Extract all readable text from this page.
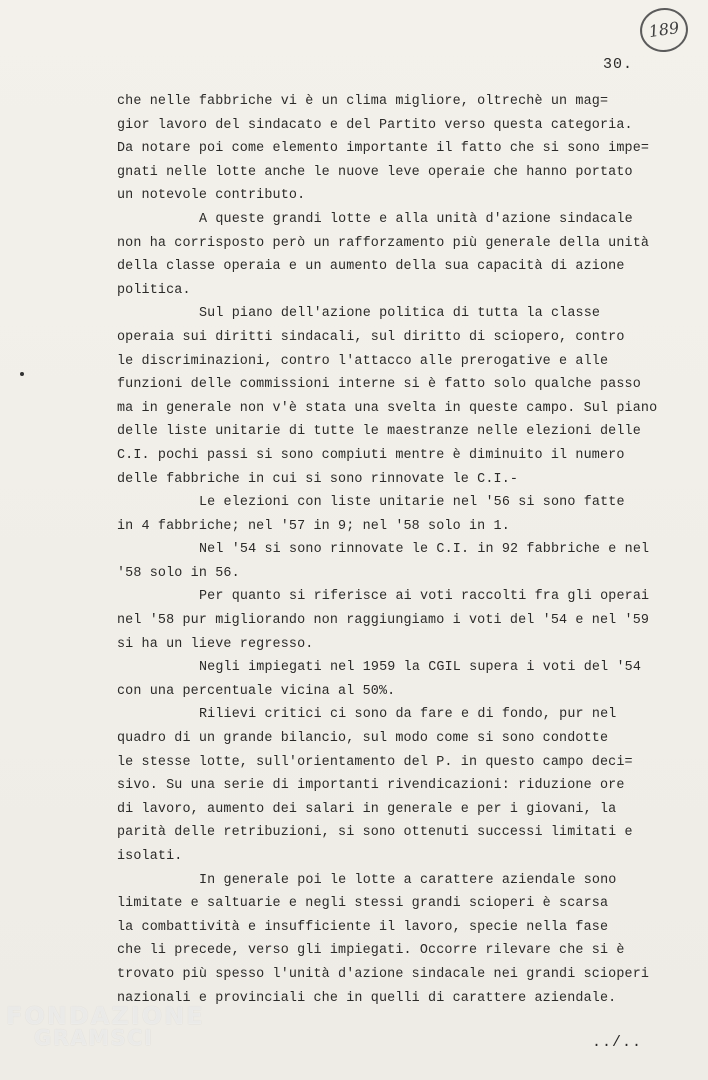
189
30.
che nelle fabbriche vi è un clima migliore, oltrechè un mag=
gior lavoro del sindacato e del Partito verso questa categoria.
Da notare poi come elemento importante il fatto che si sono impe=
gnati nelle lotte anche le nuove leve operaie che hanno portato
un notevole contributo.
A queste grandi lotte e alla unità d'azione sindacale
non ha corrisposto però un rafforzamento più generale della unità
della classe operaia e un aumento della sua capacità di azione
politica.
Sul piano dell'azione politica di tutta la classe
operaia sui diritti sindacali, sul diritto di sciopero, contro
le discriminazioni, contro l'attacco alle prerogative e alle
funzioni delle commissioni interne si è fatto solo qualche passo
ma in generale non v'è stata una svelta in queste campo. Sul piano
delle liste unitarie di tutte le maestranze nelle elezioni delle
C.I. pochi passi si sono compiuti mentre è diminuito il numero
delle fabbriche in cui si sono rinnovate le C.I.-
Le elezioni con liste unitarie nel '56 si sono fatte
in 4 fabbriche; nel '57 in 9; nel '58 solo in 1.
Nel '54 si sono rinnovate le C.I. in 92 fabbriche e nel
'58 solo in 56.
Per quanto si riferisce ai voti raccolti fra gli operai
nel '58 pur migliorando non raggiungiamo i voti del '54 e nel '59
si ha un lieve regresso.
Negli impiegati nel 1959 la CGIL supera i voti del '54
con una percentuale vicina al 50%.
Rilievi critici ci sono da fare e di fondo, pur nel
quadro di un grande bilancio, sul modo come si sono condotte
le stesse lotte, sull'orientamento del P. in questo campo deci=
sivo. Su una serie di importanti rivendicazioni: riduzione ore
di lavoro, aumento dei salari in generale e per i giovani, la
parità delle retribuzioni, si sono ottenuti successi limitati e
isolati.
In generale poi le lotte a carattere aziendale sono
limitate e saltuarie e negli stessi grandi scioperi è scarsa
la combattività e insufficiente il lavoro, specie nella fase
che li precede, verso gli impiegati. Occorre rilevare che si è
trovato più spesso l'unità d'azione sindacale nei grandi scioperi
nazionali e provinciali che in quelli di carattere aziendale.
../..
FONDAZIONE
GRAMSCI
